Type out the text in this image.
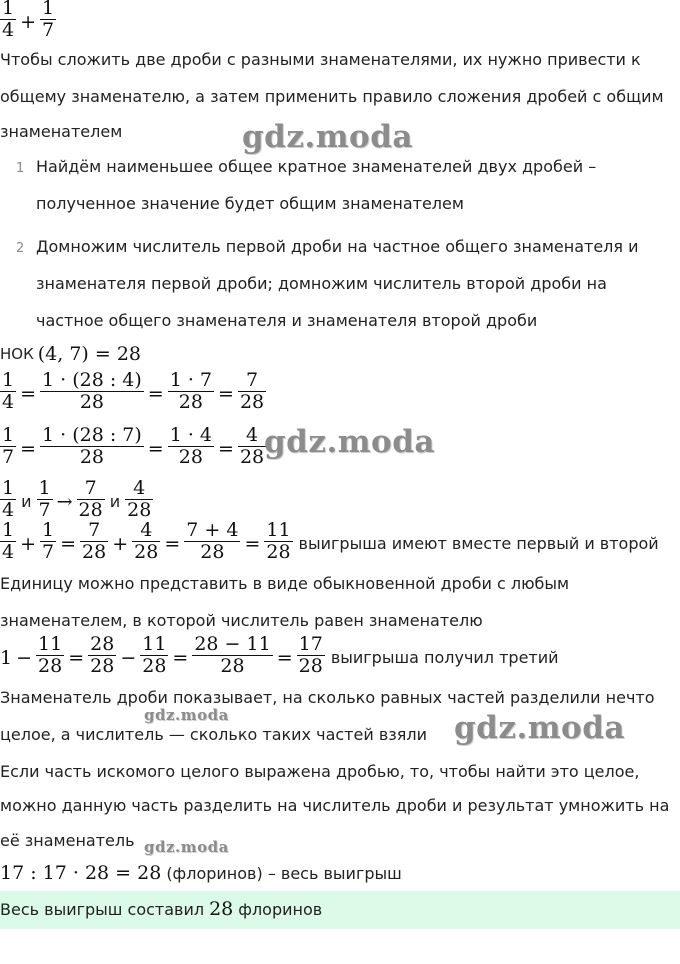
$\frac{1}{4} + \frac{1}{7}$
Чтобы сложить две дроби с разными знаменателями, их нужно привести к
общему знаменателю, а затем применить правило сложения дробей с общим
знаменателем
1 Найдём наименьшее общее кратное знаменателей двух дробей –
полученное значение будет общим знаменателем
2 Домножим числитель первой дроби на частное общего знаменателя и
знаменателя первой дроби; домножим числитель второй дроби на
частное общего знаменателя и знаменателя второй дроби
НОК (4, 7) = 28
$\frac{1}{4} = \frac{1 \cdot (28 : 4)}{28} = \frac{1 \cdot 7}{28} = \frac{7}{28}$
$\frac{1}{7} = \frac{1 \cdot (28 : 7)}{28} = \frac{1 \cdot 4}{28} = \frac{4}{28}$
$\frac{1}{4}$ и $\frac{1}{7} \to \frac{7}{28}$ и $\frac{4}{28}$
$\frac{1}{4} + \frac{1}{7} = \frac{7}{28} + \frac{4}{28} = \frac{7 + 4}{28} = \frac{11}{28}$ выигрыша имеют вместе первый и второй
Единицу можно представить в виде обыкновенной дроби с любым
знаменателем, в которой числитель равен знаменателю
$1 - \frac{11}{28} = \frac{28}{28} - \frac{11}{28} = \frac{28 - 11}{28} = \frac{17}{28}$ выигрыша получил третий
Знаменатель дроби показывает, на сколько равных частей разделили нечто
целое, а числитель — сколько таких частей взяли
Если часть искомого целого выражена дробью, то, чтобы найти это целое,
можно данную часть разделить на числитель дроби и результат умножить на
её знаменатель
17 : 17 · 28 = 28 (флоринов) – весь выигрыш
Весь выигрыш составил 28 флоринов
gdz.moda
gdz.moda
gdz.moda
gdz.moda
gdz.moda
